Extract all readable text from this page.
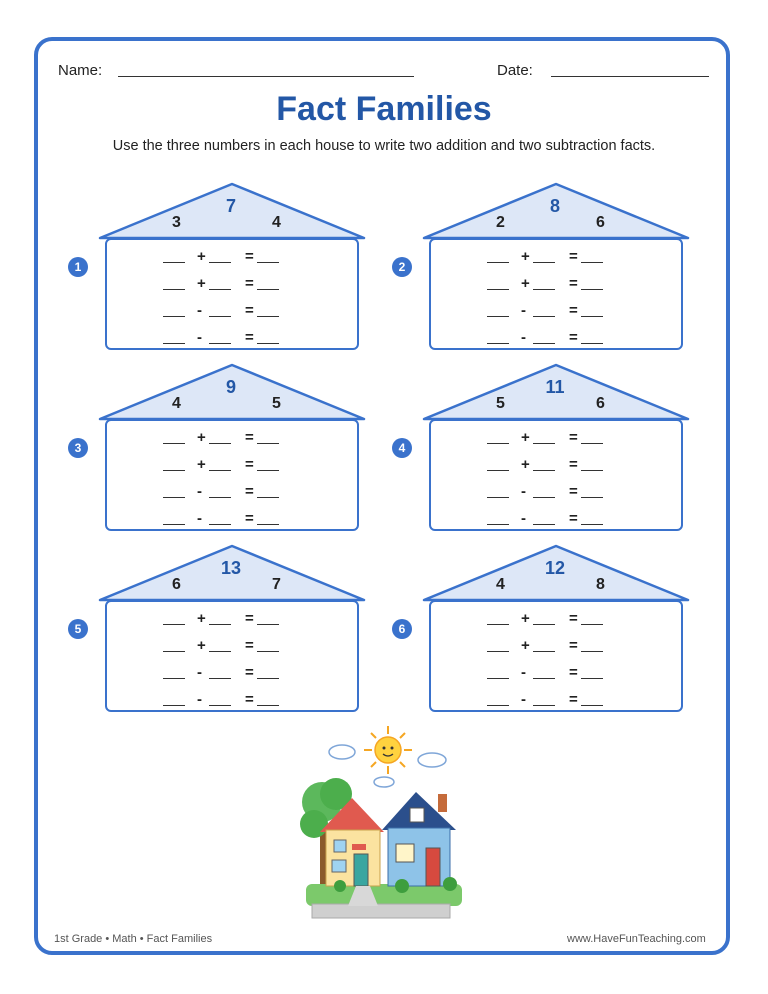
Name:	Date:
Fact Families
Use the three numbers in each house to write two addition and two subtraction facts.
7
3	4
+	=
+	=
-	=
-	=
1
8
2	6
+	=
+	=
-	=
-	=
2
9
4	5
+	=
+	=
-	=
-	=
3
11
5	6
+	=
+	=
-	=
-	=
4
13
6	7
+	=
+	=
-	=
-	=
5
12
4	8
+	=
+	=
-	=
-	=
6
1st Grade • Math • Fact Families	www.HaveFunTeaching.com
